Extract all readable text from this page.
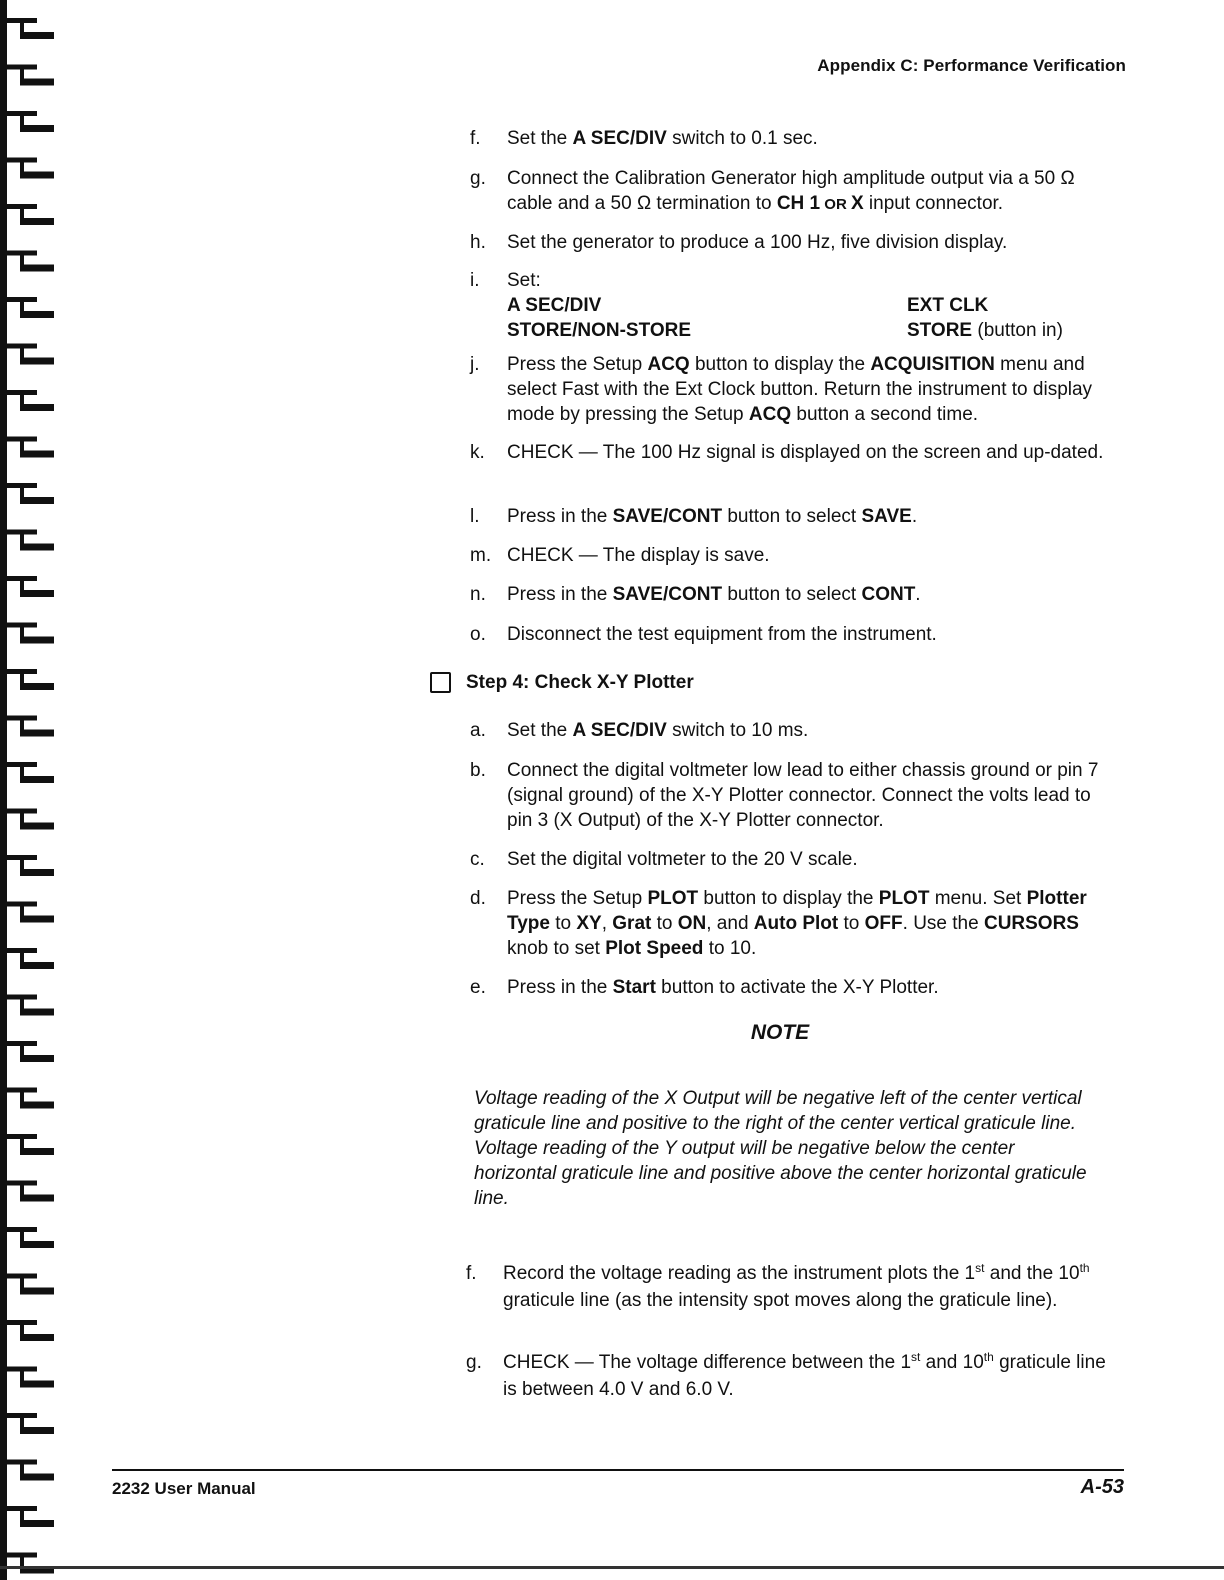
Appendix C: Performance Verification
f. Set the A SEC/DIV switch to 0.1 sec.
g. Connect the Calibration Generator high amplitude output via a 50 Ω cable and a 50 Ω termination to CH 1 OR X input connector.
h. Set the generator to produce a 100 Hz, five division display.
i. Set:
A SEC/DIV	EXT CLK
STORE/NON-STORE	STORE (button in)
j. Press the Setup ACQ button to display the ACQUISITION menu and select Fast with the Ext Clock button. Return the instrument to display mode by pressing the Setup ACQ button a second time.
k. CHECK — The 100 Hz signal is displayed on the screen and up-dated.
l. Press in the SAVE/CONT button to select SAVE.
m. CHECK — The display is save.
n. Press in the SAVE/CONT button to select CONT.
o. Disconnect the test equipment from the instrument.
Step 4: Check X-Y Plotter
a. Set the A SEC/DIV switch to 10 ms.
b. Connect the digital voltmeter low lead to either chassis ground or pin 7 (signal ground) of the X-Y Plotter connector. Connect the volts lead to pin 3 (X Output) of the X-Y Plotter connector.
c. Set the digital voltmeter to the 20 V scale.
d. Press the Setup PLOT button to display the PLOT menu. Set Plotter Type to XY, Grat to ON, and Auto Plot to OFF. Use the CURSORS knob to set Plot Speed to 10.
e. Press in the Start button to activate the X-Y Plotter.
NOTE
Voltage reading of the X Output will be negative left of the center vertical graticule line and positive to the right of the center vertical graticule line. Voltage reading of the Y output will be negative below the center horizontal graticule line and positive above the center horizontal graticule line.
f. Record the voltage reading as the instrument plots the 1st and the 10th graticule line (as the intensity spot moves along the graticule line).
g. CHECK — The voltage difference between the 1st and 10th graticule line is between 4.0 V and 6.0 V.
2232 User Manual	A-53
